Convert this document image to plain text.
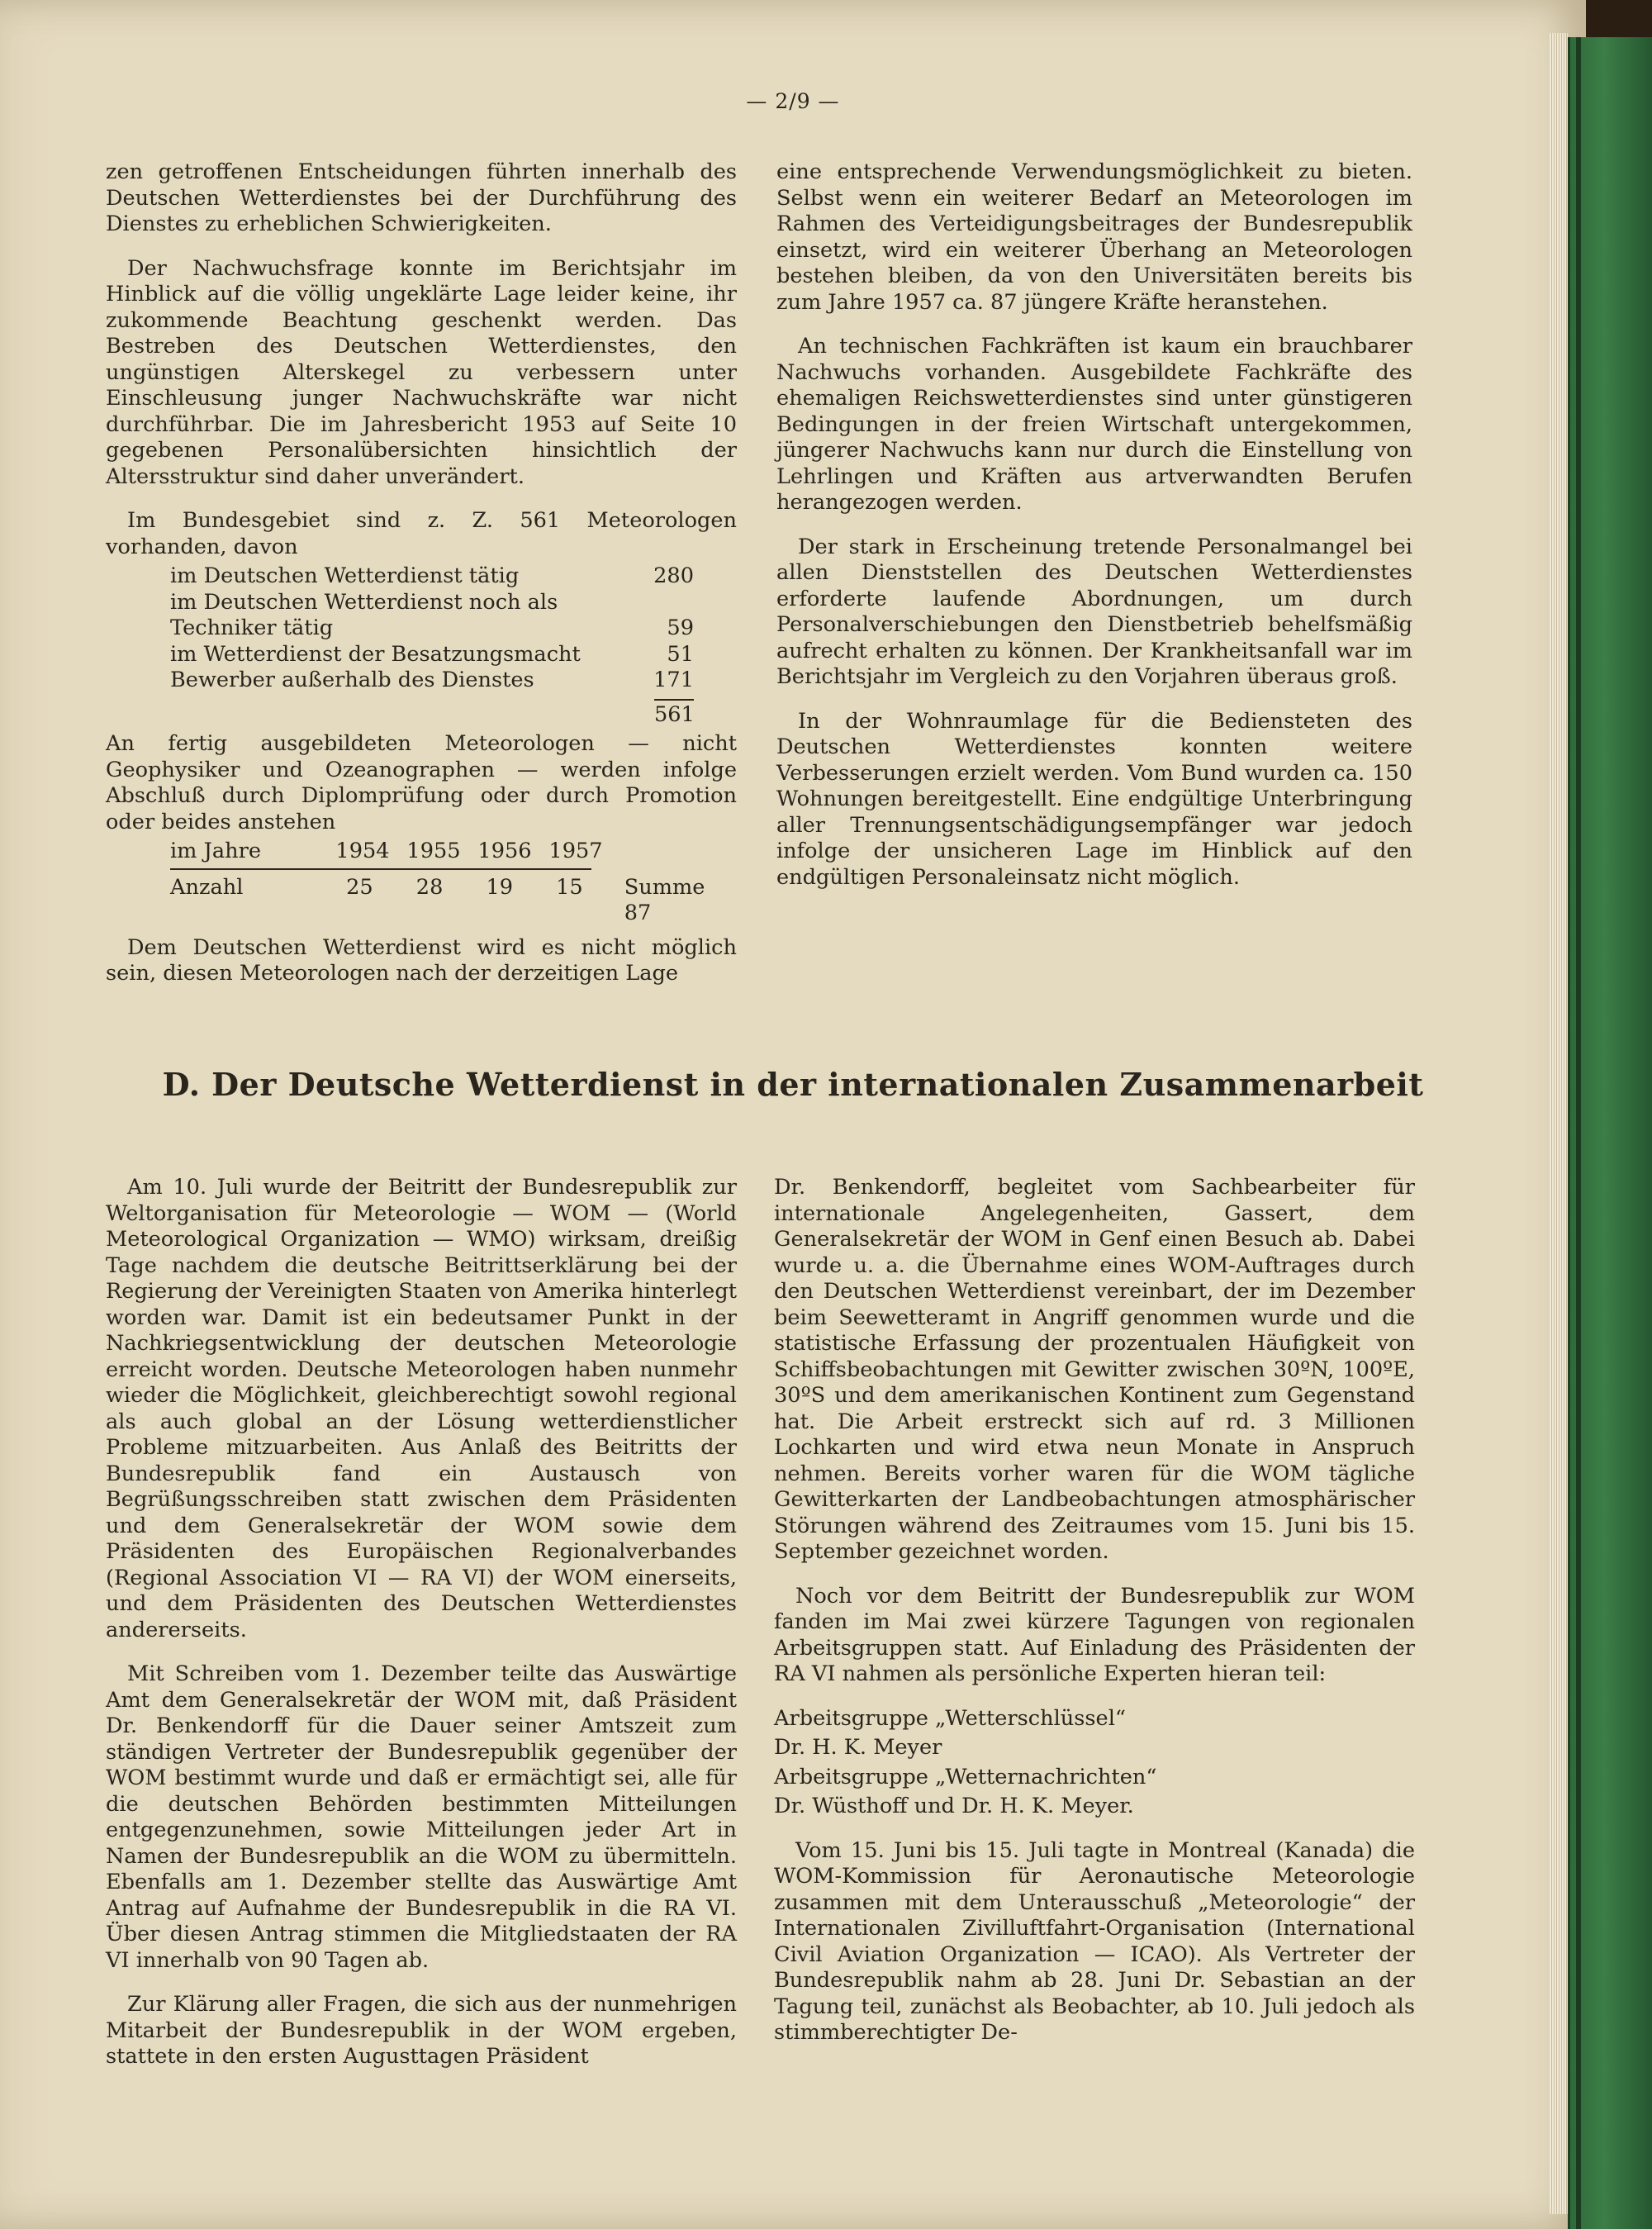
— 2/9 —

zen getroffenen Entscheidungen führten innerhalb des Deutschen Wetterdienstes bei der Durchführung des Dienstes zu erheblichen Schwierigkeiten.

Der Nachwuchsfrage konnte im Berichtsjahr im Hinblick auf die völlig ungeklärte Lage leider keine, ihr zukommende Beachtung geschenkt werden. Das Bestreben des Deutschen Wetterdienstes, den ungünstigen Alterskegel zu verbessern unter Einschleusung junger Nachwuchskräfte war nicht durchführbar. Die im Jahresbericht 1953 auf Seite 10 gegebenen Personalübersichten hinsichtlich der Altersstruktur sind daher unverändert.

Im Bundesgebiet sind z. Z. 561 Meteorologen vorhanden, davon

im Deutschen Wetterdienst tätig	280
im Deutschen Wetterdienst noch als
Techniker tätig	59
im Wetterdienst der Besatzungsmacht	51
Bewerber außerhalb des Dienstes	171
561

An fertig ausgebildeten Meteorologen — nicht Geophysiker und Ozeanographen — werden infolge Abschluß durch Diplomprüfung oder durch Promotion oder beides anstehen

im Jahre	1954 1955 1956 1957
Anzahl	25	28	19	15	Summe 87

Dem Deutschen Wetterdienst wird es nicht möglich sein, diesen Meteorologen nach der derzeitigen Lage

eine entsprechende Verwendungsmöglichkeit zu bieten. Selbst wenn ein weiterer Bedarf an Meteorologen im Rahmen des Verteidigungsbeitrages der Bundesrepublik einsetzt, wird ein weiterer Überhang an Meteorologen bestehen bleiben, da von den Universitäten bereits bis zum Jahre 1957 ca. 87 jüngere Kräfte heranstehen.

An technischen Fachkräften ist kaum ein brauchbarer Nachwuchs vorhanden. Ausgebildete Fachkräfte des ehemaligen Reichswetterdienstes sind unter günstigeren Bedingungen in der freien Wirtschaft untergekommen, jüngerer Nachwuchs kann nur durch die Einstellung von Lehrlingen und Kräften aus artverwandten Berufen herangezogen werden.

Der stark in Erscheinung tretende Personalmangel bei allen Dienststellen des Deutschen Wetterdienstes erforderte laufende Abordnungen, um durch Personalverschiebungen den Dienstbetrieb behelfsmäßig aufrecht erhalten zu können. Der Krankheitsanfall war im Berichtsjahr im Vergleich zu den Vorjahren überaus groß.

In der Wohnraumlage für die Bediensteten des Deutschen Wetterdienstes konnten weitere Verbesserungen erzielt werden. Vom Bund wurden ca. 150 Wohnungen bereitgestellt. Eine endgültige Unterbringung aller Trennungsentschädigungsempfänger war jedoch infolge der unsicheren Lage im Hinblick auf den endgültigen Personaleinsatz nicht möglich.

D. Der Deutsche Wetterdienst in der internationalen Zusammenarbeit

Am 10. Juli wurde der Beitritt der Bundesrepublik zur Weltorganisation für Meteorologie — WOM — (World Meteorological Organization — WMO) wirksam, dreißig Tage nachdem die deutsche Beitrittserklärung bei der Regierung der Vereinigten Staaten von Amerika hinterlegt worden war. Damit ist ein bedeutsamer Punkt in der Nachkriegsentwicklung der deutschen Meteorologie erreicht worden. Deutsche Meteorologen haben nunmehr wieder die Möglichkeit, gleichberechtigt sowohl regional als auch global an der Lösung wetterdienstlicher Probleme mitzuarbeiten. Aus Anlaß des Beitritts der Bundesrepublik fand ein Austausch von Begrüßungsschreiben statt zwischen dem Präsidenten und dem Generalsekretär der WOM sowie dem Präsidenten des Europäischen Regionalverbandes (Regional Association VI — RA VI) der WOM einerseits, und dem Präsidenten des Deutschen Wetterdienstes andererseits.

Mit Schreiben vom 1. Dezember teilte das Auswärtige Amt dem Generalsekretär der WOM mit, daß Präsident Dr. Benkendorff für die Dauer seiner Amtszeit zum ständigen Vertreter der Bundesrepublik gegenüber der WOM bestimmt wurde und daß er ermächtigt sei, alle für die deutschen Behörden bestimmten Mitteilungen entgegenzunehmen, sowie Mitteilungen jeder Art in Namen der Bundesrepublik an die WOM zu übermitteln. Ebenfalls am 1. Dezember stellte das Auswärtige Amt Antrag auf Aufnahme der Bundesrepublik in die RA VI. Über diesen Antrag stimmen die Mitgliedstaaten der RA VI innerhalb von 90 Tagen ab.

Zur Klärung aller Fragen, die sich aus der nunmehrigen Mitarbeit der Bundesrepublik in der WOM ergeben, stattete in den ersten Augusttagen Präsident

Dr. Benkendorff, begleitet vom Sachbearbeiter für internationale Angelegenheiten, Gassert, dem Generalsekretär der WOM in Genf einen Besuch ab. Dabei wurde u. a. die Übernahme eines WOM-Auftrages durch den Deutschen Wetterdienst vereinbart, der im Dezember beim Seewetteramt in Angriff genommen wurde und die statistische Erfassung der prozentualen Häufigkeit von Schiffsbeobachtungen mit Gewitter zwischen 30ºN, 100ºE, 30ºS und dem amerikanischen Kontinent zum Gegenstand hat. Die Arbeit erstreckt sich auf rd. 3 Millionen Lochkarten und wird etwa neun Monate in Anspruch nehmen. Bereits vorher waren für die WOM tägliche Gewitterkarten der Landbeobachtungen atmosphärischer Störungen während des Zeitraumes vom 15. Juni bis 15. September gezeichnet worden.

Noch vor dem Beitritt der Bundesrepublik zur WOM fanden im Mai zwei kürzere Tagungen von regionalen Arbeitsgruppen statt. Auf Einladung des Präsidenten der RA VI nahmen als persönliche Experten hieran teil:

Arbeitsgruppe „Wetterschlüssel“

Dr. H. K. Meyer

Arbeitsgruppe „Wetternachrichten“

Dr. Wüsthoff und Dr. H. K. Meyer.

Vom 15. Juni bis 15. Juli tagte in Montreal (Kanada) die WOM-Kommission für Aeronautische Meteorologie zusammen mit dem Unterausschuß „Meteorologie“ der Internationalen Zivilluftfahrt-Organisation (International Civil Aviation Organization — ICAO). Als Vertreter der Bundesrepublik nahm ab 28. Juni Dr. Sebastian an der Tagung teil, zunächst als Beobachter, ab 10. Juli jedoch als stimmberechtigter De-
